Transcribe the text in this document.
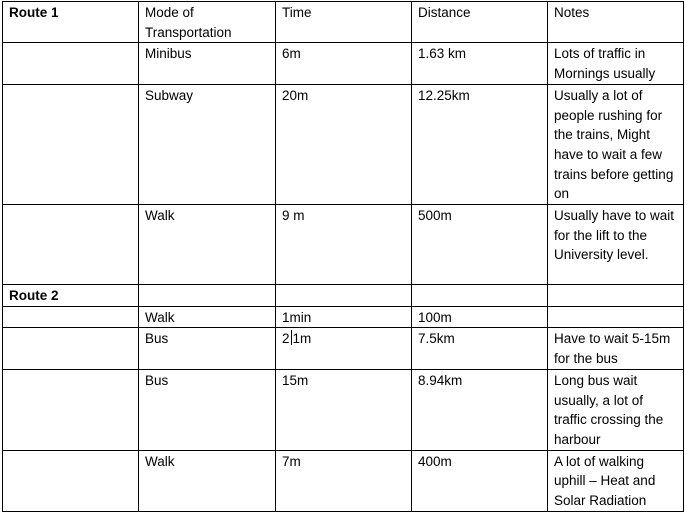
Route 1	Mode of Transportation	Time	Distance	Notes
	Minibus	6m	1.63 km	Lots of traffic in Mornings usually
	Subway	20m	12.25km	Usually a lot of people rushing for the trains, Might have to wait a few trains before getting on
	Walk	9 m	500m	Usually have to wait for the lift to the University level.
Route 2				
	Walk	1min	100m	
	Bus	2 1m	7.5km	Have to wait 5-15m for the bus
	Bus	15m	8.94km	Long bus wait usually, a lot of traffic crossing the harbour
	Walk	7m	400m	A lot of walking uphill – Heat and Solar Radiation
